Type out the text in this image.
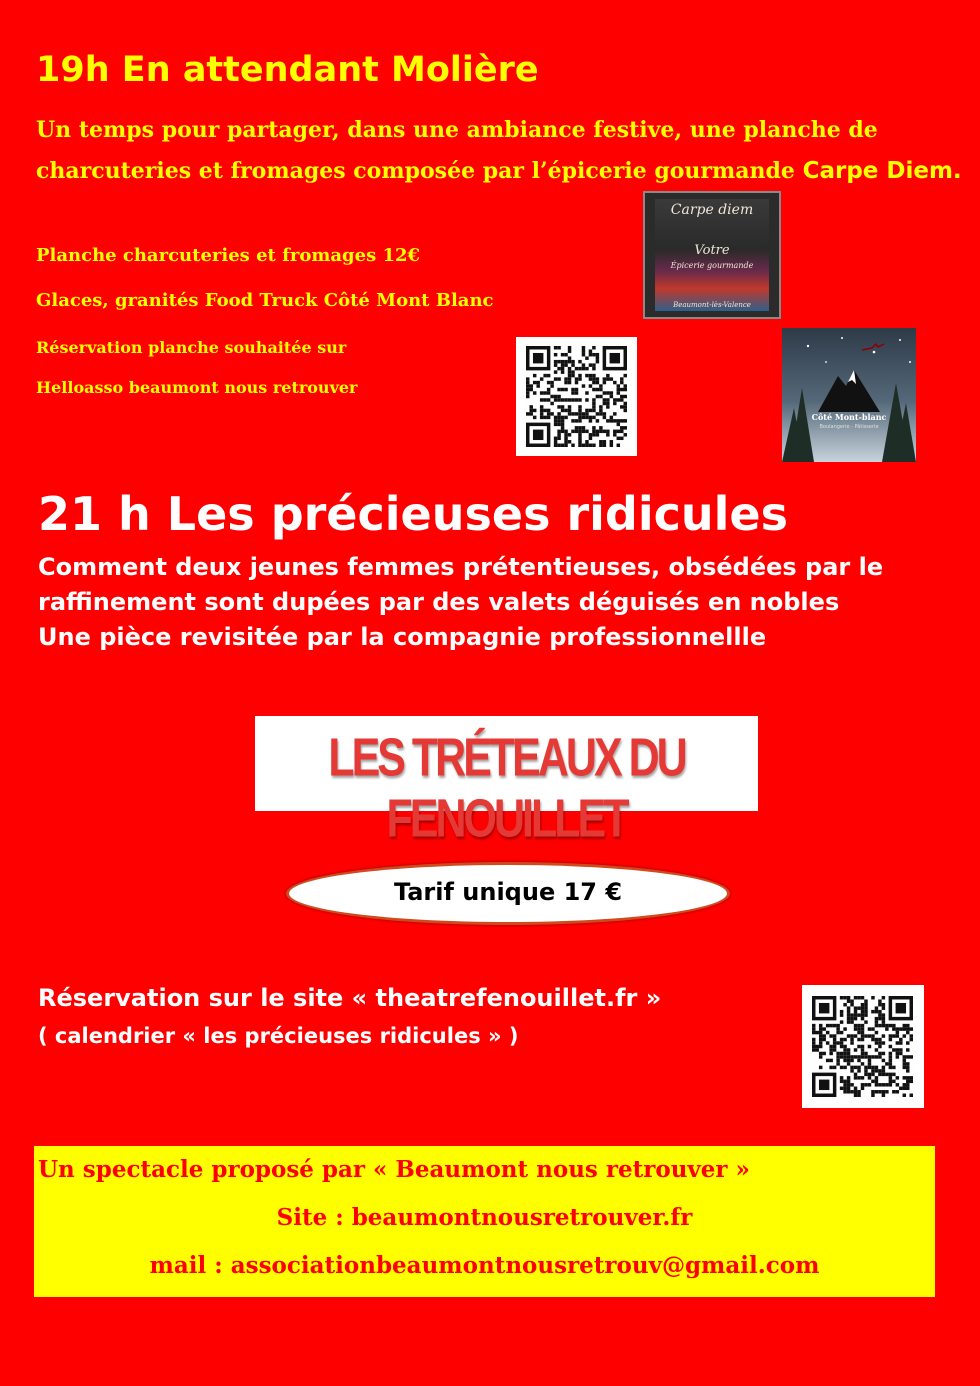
19h En attendant Molière
Un temps pour partager, dans une ambiance festive, une planche de charcuteries et fromages composée par l’épicerie gourmande Carpe Diem.
Planche charcuteries et fromages 12€
Glaces, granités Food Truck Côté Mont Blanc
Réservation planche souhaitée sur
Helloasso beaumont nous retrouver
Carpe diem
Votre
Épicerie gourmande
Beaumont-lès-Valence
Côté Mont-blanc
Boulangerie - Pâtisserie
21 h Les précieuses ridicules
Comment deux jeunes femmes prétentieuses, obsédées par le raffinement sont dupées par des valets déguisés en nobles
Une pièce revisitée par la compagnie professionnellle
LES TRÉTEAUX DU FENOUILLET
Tarif unique 17 €
Réservation sur le site « theatrefenouillet.fr »
( calendrier « les précieuses ridicules » )
Un spectacle proposé par « Beaumont nous retrouver »
Site : beaumontnousretrouver.fr
mail : associationbeaumontnousretrouv@gmail.com
